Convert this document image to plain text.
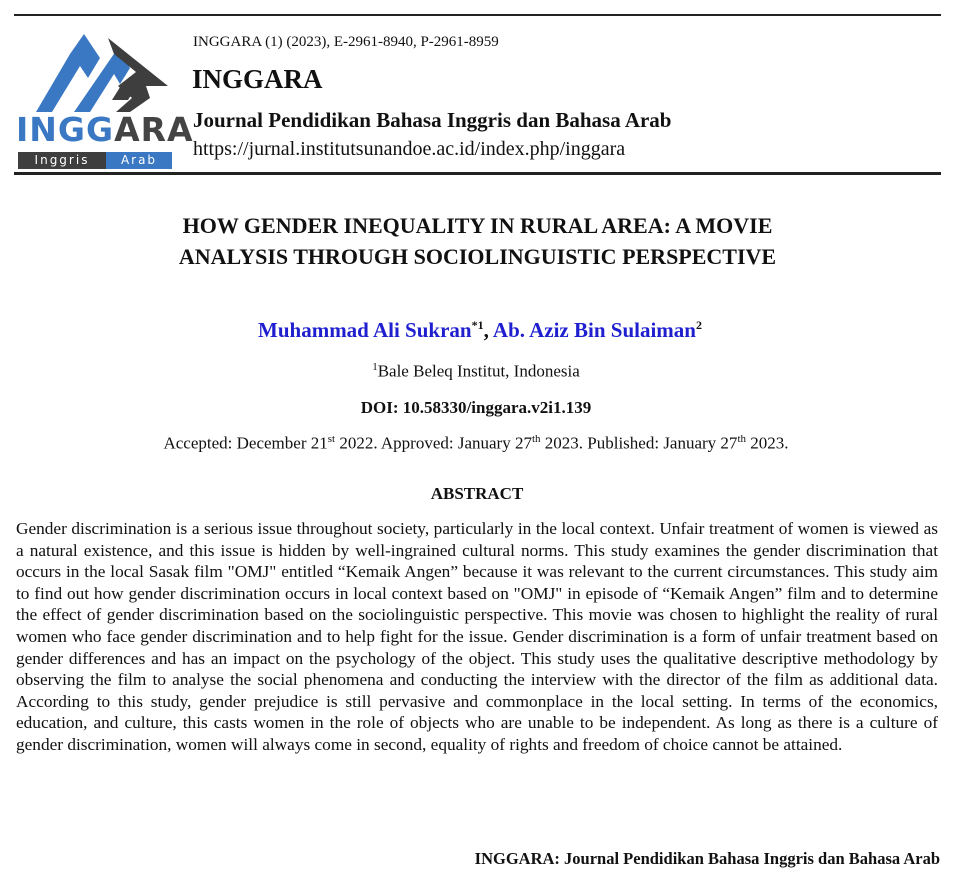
INGGARA
Inggris	Arab
INGGARA (1) (2023), E-2961-8940, P-2961-8959
INGGARA
Journal Pendidikan Bahasa Inggris dan Bahasa Arab
https://jurnal.institutsunandoe.ac.id/index.php/inggara
HOW GENDER INEQUALITY IN RURAL AREA: A MOVIE
ANALYSIS THROUGH SOCIOLINGUISTIC PERSPECTIVE
Muhammad Ali Sukran$^{*1}$, Ab. Aziz Bin Sulaiman$^2$
$^1$Bale Beleq Institut, Indonesia
DOI: 10.58330/inggara.v2i1.139
Accepted: December 21st 2022. Approved: January 27th 2023. Published: January 27th 2023.
ABSTRACT
Gender discrimination is a serious issue throughout society, particularly in the local context. Unfair treatment of women is viewed as a natural existence, and this issue is hidden by well-ingrained cultural norms. This study examines the gender discrimination that occurs in the local Sasak film "OMJ" entitled “Kemaik Angen” because it was relevant to the current circumstances. This study aim to find out how gender discrimination occurs in local context based on "OMJ" in episode of “Kemaik Angen” film and to determine the effect of gender discrimination based on the sociolinguistic perspective. This movie was chosen to highlight the reality of rural women who face gender discrimination and to help fight for the issue. Gender discrimination is a form of unfair treatment based on gender differences and has an impact on the psychology of the object. This study uses the qualitative descriptive methodology by observing the film to analyse the social phenomena and conducting the interview with the director of the film as additional data. According to this study, gender prejudice is still pervasive and commonplace in the local setting. In terms of the economics, education, and culture, this casts women in the role of objects who are unable to be independent. As long as there is a culture of gender discrimination, women will always come in second, equality of rights and freedom of choice cannot be attained.
INGGARA: Journal Pendidikan Bahasa Inggris dan Bahasa Arab
